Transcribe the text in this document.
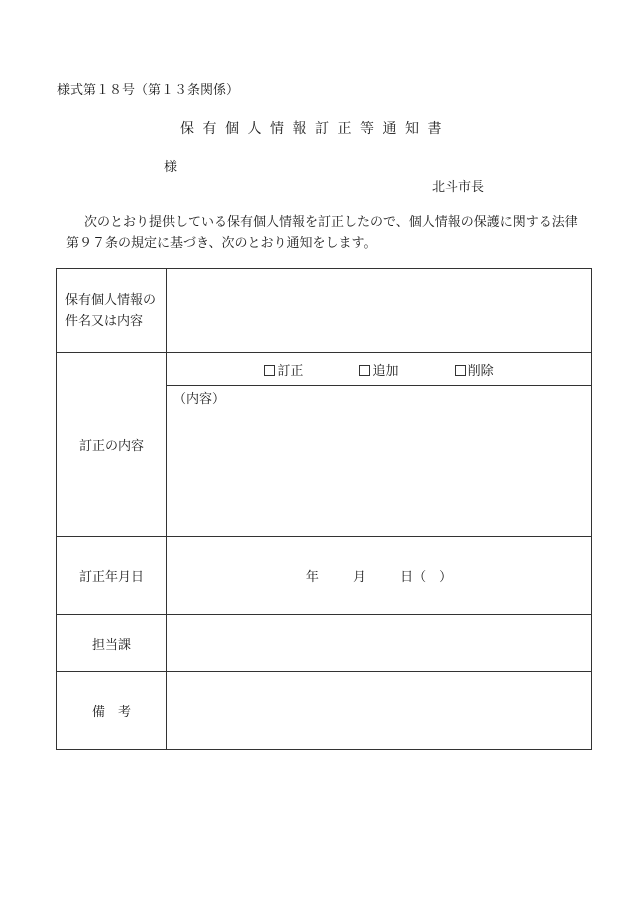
様式第１８号（第１３条関係）
保有個人情報訂正等通知書
様
北斗市長
次のとおり提供している保有個人情報を訂正したので、個人情報の保護に関する法律
第９７条の規定に基づき、次のとおり通知をします。
保有個人情報の
件名又は内容	

訂正の内容	訂正 追加 削除

	（内容）

訂正年月日	年 月 日（　）
担当課	
備　考	
